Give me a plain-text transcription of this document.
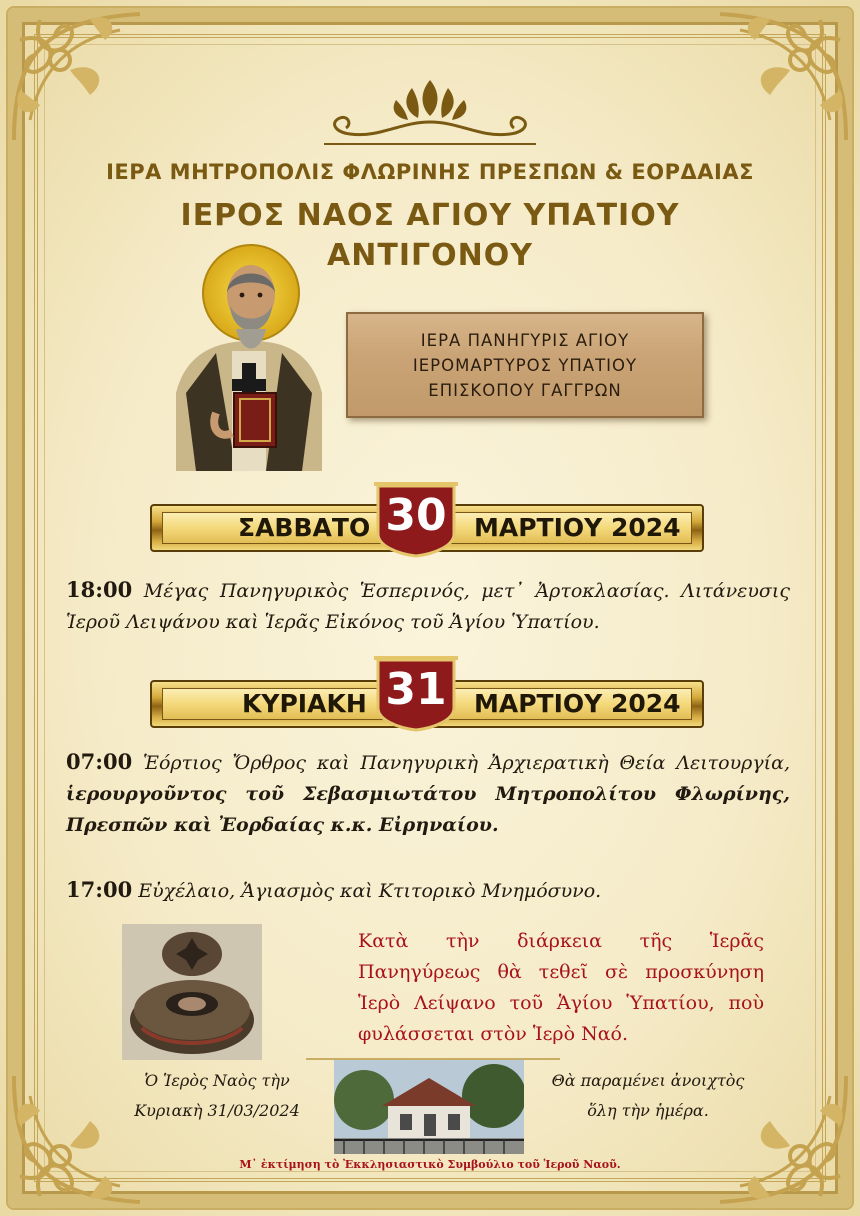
ΙΕΡΑ ΜΗΤΡΟΠΟΛΙΣ ΦΛΩΡΙΝΗΣ ΠΡΕΣΠΩΝ & ΕΟΡΔΑΙΑΣ
ΙΕΡΟΣ ΝΑΟΣ ΑΓΙΟΥ ΥΠΑΤΙΟΥ
ΑΝΤΙΓΟΝΟΥ
ΙΕΡΑ ΠΑΝΗΓΥΡΙΣ ΑΓΙΟΥ
ΙΕΡΟΜΑΡΤΥΡΟΣ ΥΠΑΤΙΟΥ
ΕΠΙΣΚΟΠΟΥ ΓΑΓΓΡΩΝ
ΣΑΒΒΑΤΟ	ΜΑΡΤΙΟΥ 2024
30
18:00 Μέγας Πανηγυρικὸς Ἑσπερινός, μετ᾽ Ἀρτοκλασίας. Λιτάνευσις Ἱεροῦ Λειψάνου καὶ Ἱερᾶς Εἰκόνος τοῦ Ἁγίου Ὑπατίου.
ΚΥΡΙΑΚΗ	ΜΑΡΤΙΟΥ 2024
31
07:00 Ἑόρτιος Ὄρθρος καὶ Πανηγυρικὴ Ἀρχιερατικὴ Θεία Λειτουργία, ἱερουργοῦντος τοῦ Σεβασμιωτάτου Μητροπολίτου Φλωρίνης, Πρεσπῶν καὶ Ἐορδαίας κ.κ. Εἰρηναίου.
17:00 Εὐχέλαιο, Ἁγιασμὸς καὶ Κτιτορικὸ Μνημόσυνο.
Κατὰ τὴν διάρκεια τῆς Ἱερᾶς Πανηγύρεως θὰ τεθεῖ σὲ προσκύνηση Ἱερὸ Λείψανο τοῦ Ἁγίου Ὑπατίου, ποὺ φυλάσσεται στὸν Ἱερὸ Ναό.
Ὁ Ἱερὸς Ναὸς τὴν
Κυριακὴ 31/03/2024
Θὰ παραμένει ἀνοιχτὸς
ὅλη τὴν ἡμέρα.
Μ᾽ ἐκτίμηση τὸ Ἐκκλησιαστικὸ Συμβούλιο τοῦ Ἱεροῦ Ναοῦ.
